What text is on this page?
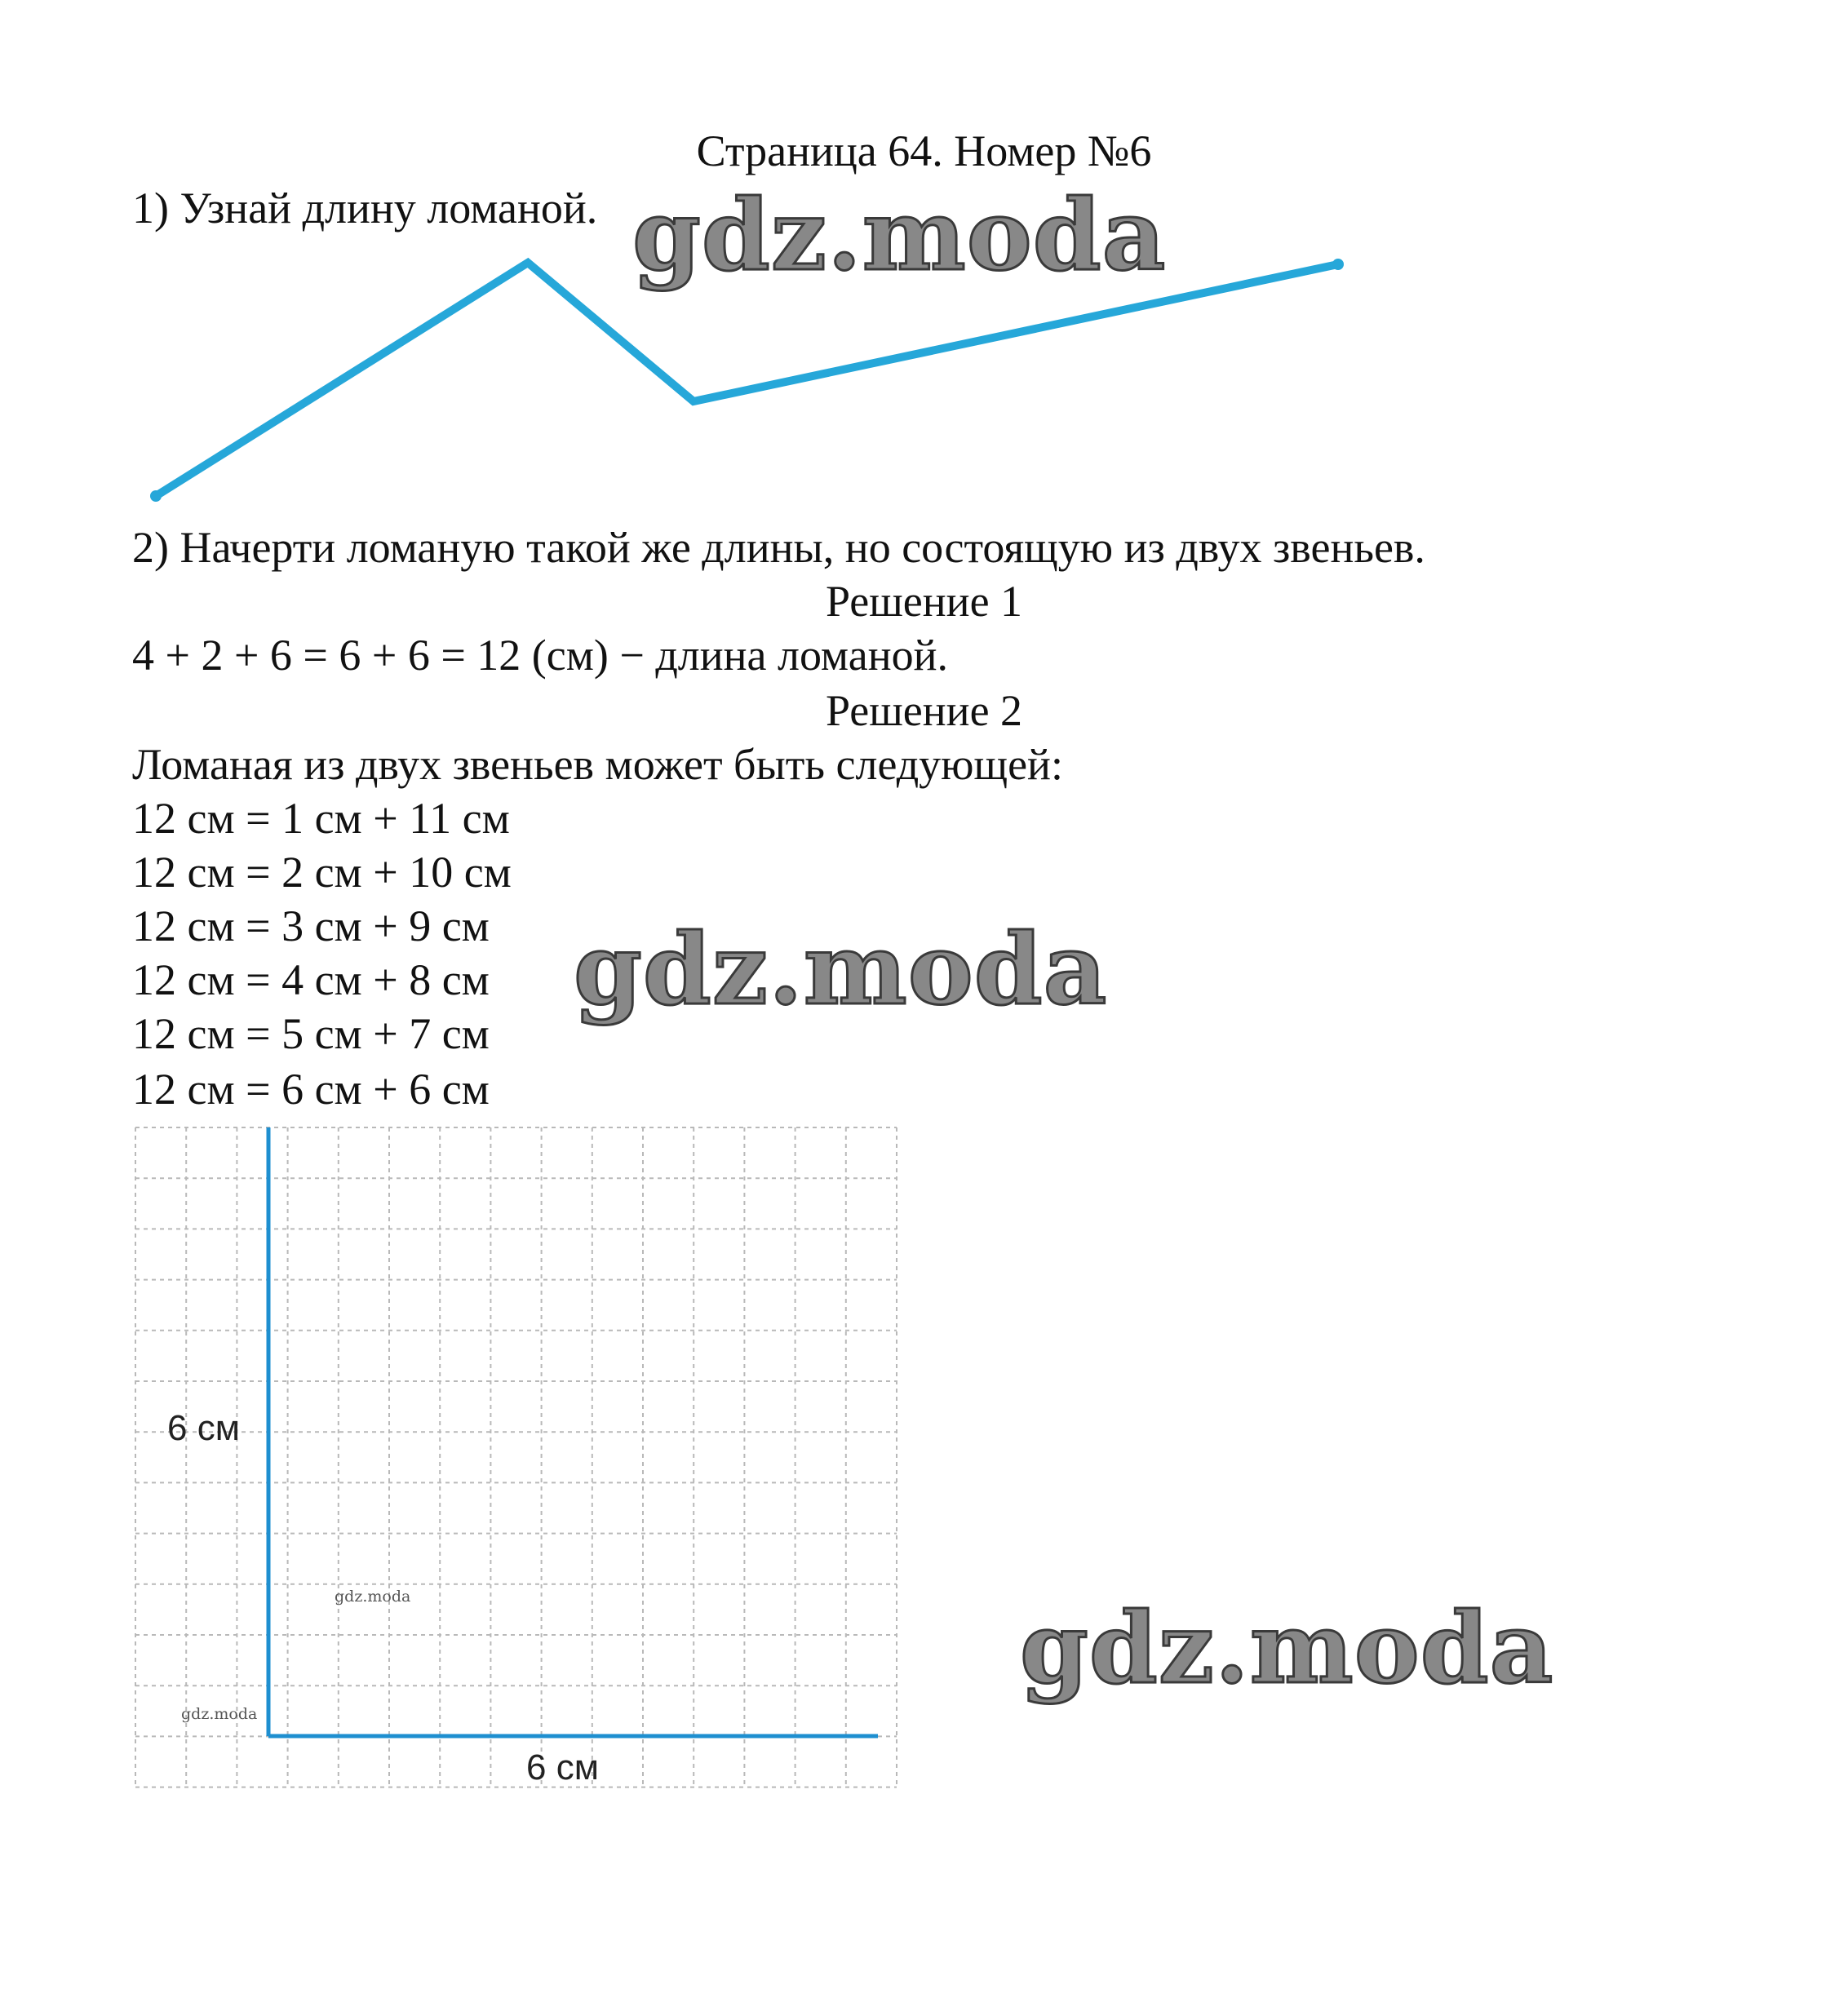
Страница 64. Номер №6
1) Узнай длину ломаной.
2) Начерти ломаную такой же длины, но состоящую из двух звеньев.
Решение 1
4 + 2 + 6 = 6 + 6 = 12 (см) − длина ломаной.
Решение 2
Ломаная из двух звеньев может быть следующей:
12 см = 1 см + 11 см
12 см = 2 см + 10 см
12 см = 3 см + 9 см
12 см = 4 см + 8 см
12 см = 5 см + 7 см
12 см = 6 см + 6 см
6 см
6 см
gdz.moda
gdz.moda
gdz.moda
gdz.moda
gdz.moda
